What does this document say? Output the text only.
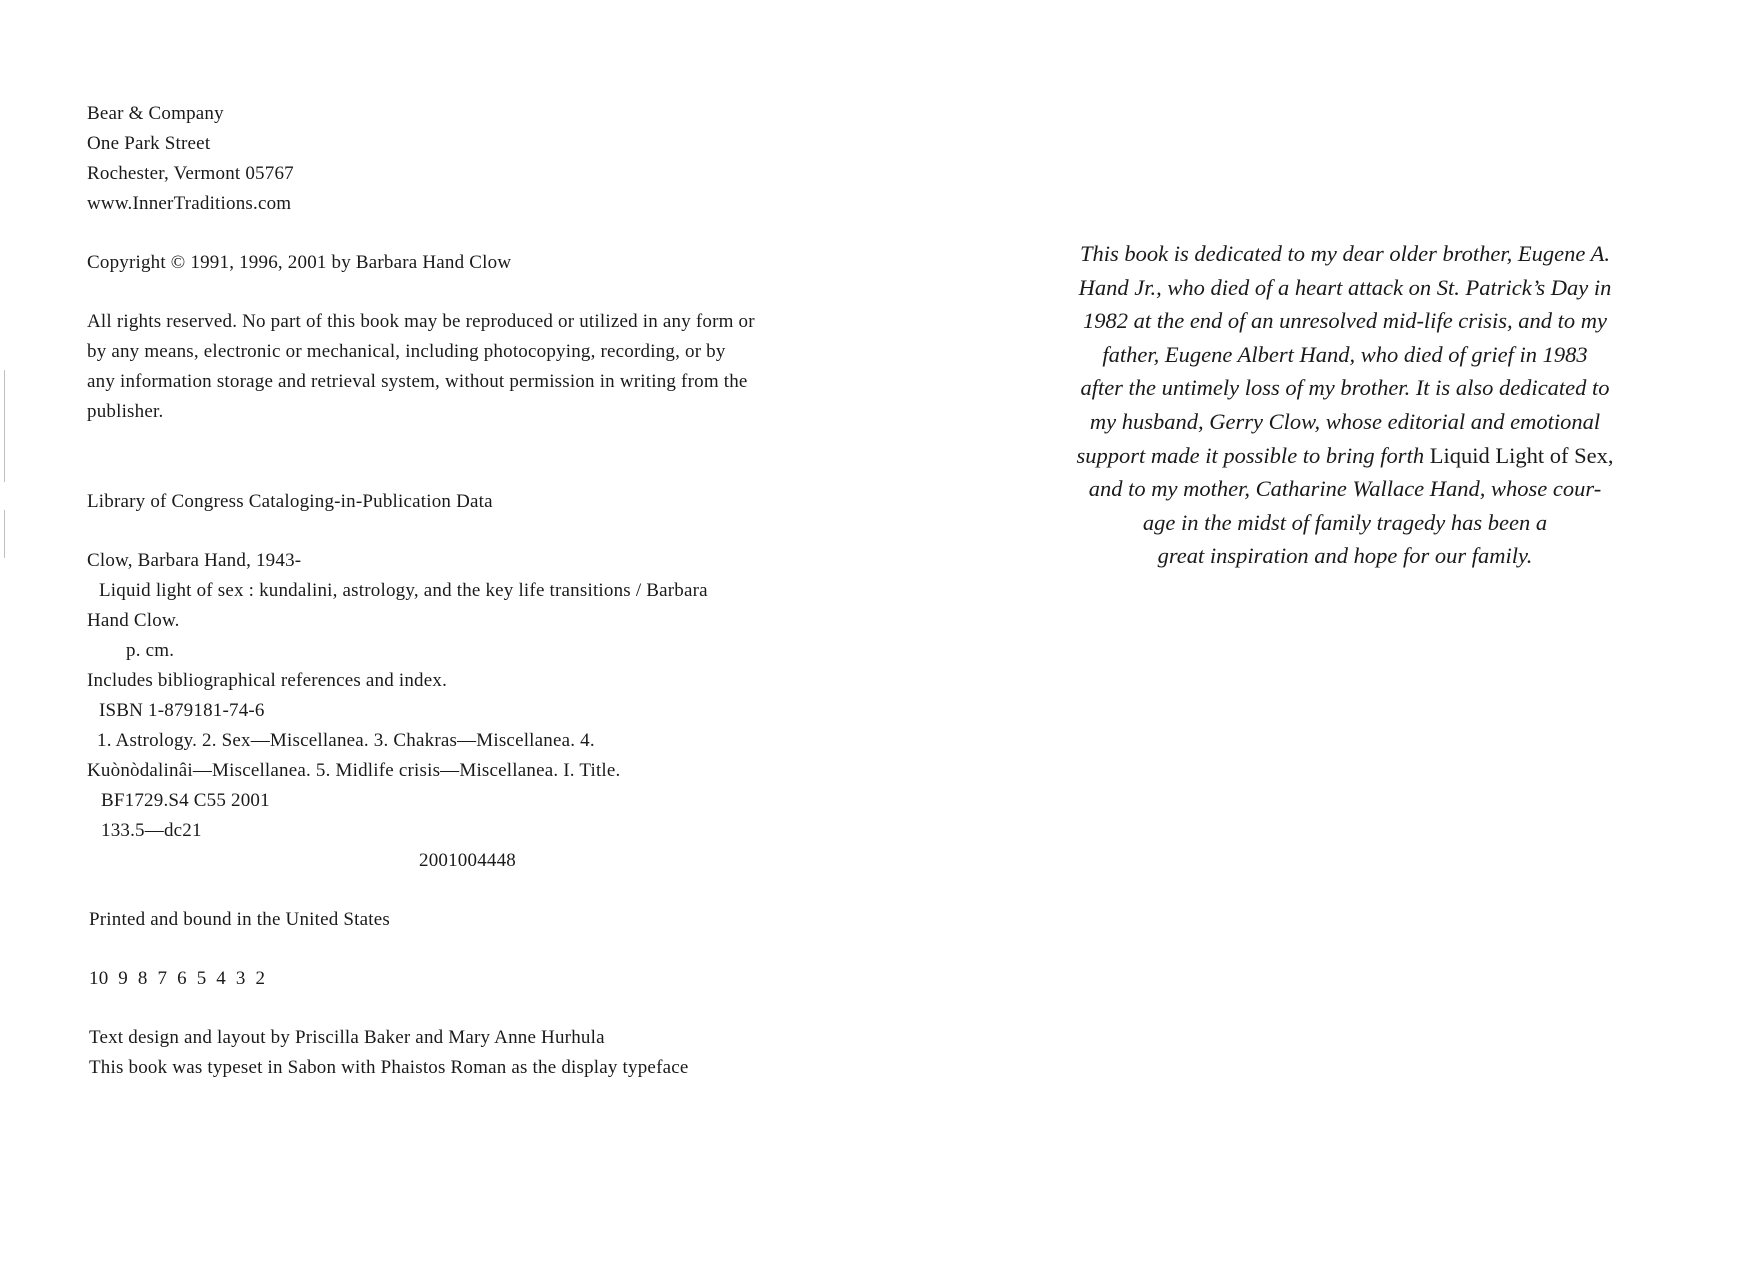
Bear & Company
One Park Street
Rochester, Vermont 05767
www.InnerTraditions.com
Copyright © 1991, 1996, 2001 by Barbara Hand Clow
All rights reserved. No part of this book may be reproduced or utilized in any form or
by any means, electronic or mechanical, including photocopying, recording, or by
any information storage and retrieval system, without permission in writing from the
publisher.
Library of Congress Cataloging-in-Publication Data
Clow, Barbara Hand, 1943-
Liquid light of sex : kundalini, astrology, and the key life transitions / Barbara
Hand Clow.
p. cm.
Includes bibliographical references and index.
ISBN 1-879181-74-6
1. Astrology. 2. Sex—Miscellanea. 3. Chakras—Miscellanea. 4.
Kuònòdalinâi—Miscellanea. 5. Midlife crisis—Miscellanea. I. Title.
BF1729.S4 C55 2001
133.5—dc21
2001004448
Printed and bound in the United States
10  9  8  7  6  5  4  3  2
Text design and layout by Priscilla Baker and Mary Anne Hurhula
This book was typeset in Sabon with Phaistos Roman as the display typeface
This book is dedicated to my dear older brother, Eugene A.
Hand Jr., who died of a heart attack on St. Patrick’s Day in
1982 at the end of an unresolved mid-life crisis, and to my
father, Eugene Albert Hand, who died of grief in 1983
after the untimely loss of my brother. It is also dedicated to
my husband, Gerry Clow, whose editorial and emotional
support made it possible to bring forth Liquid Light of Sex,
and to my mother, Catharine Wallace Hand, whose cour-
age in the midst of family tragedy has been a
great inspiration and hope for our family.
